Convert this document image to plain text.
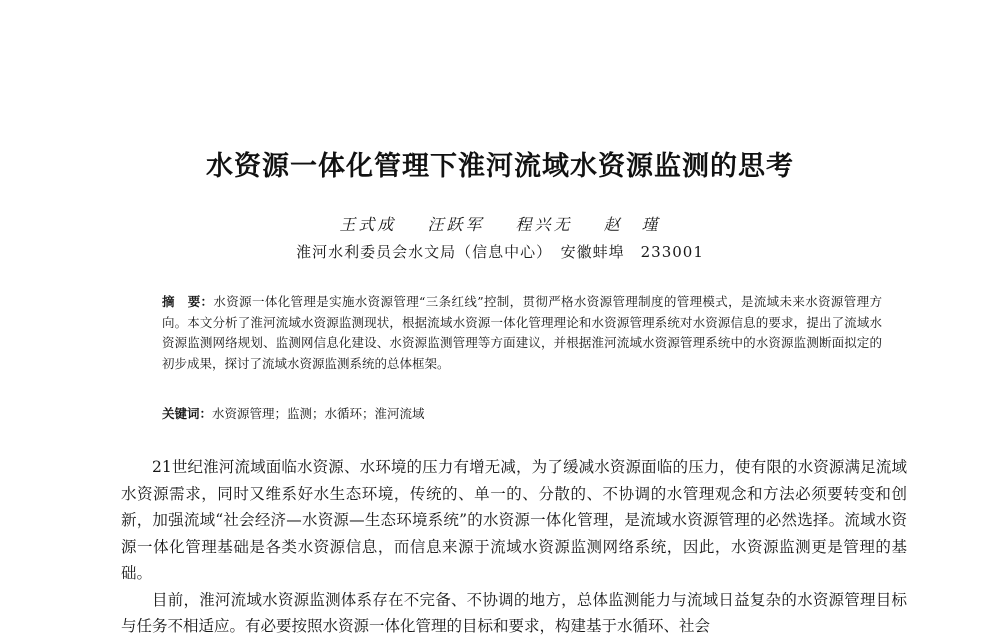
水资源一体化管理下淮河流域水资源监测的思考
王式成 汪跃军 程兴无 赵　瑾
淮河水利委员会水文局（信息中心）　安徽蚌埠　233001
摘　要：水资源一体化管理是实施水资源管理“三条红线”控制，贯彻严格水资源管理制度的管理模式，是流域未来水资源管理方向。本文分析了淮河流域水资源监测现状，根据流域水资源一体化管理理论和水资源管理系统对水资源信息的要求，提出了流域水资源监测网络规划、监测网信息化建设、水资源监测管理等方面建议，并根据淮河流域水资源管理系统中的水资源监测断面拟定的初步成果，探讨了流域水资源监测系统的总体框架。
关键词：水资源管理；监测；水循环；淮河流域

21世纪淮河流域面临水资源、水环境的压力有增无减，为了缓减水资源面临的压力，使有限的水资源满足流域水资源需求，同时又维系好水生态环境，传统的、单一的、分散的、不协调的水管理观念和方法必须要转变和创新，加强流域“社会经济—水资源—生态环境系统”的水资源一体化管理，是流域水资源管理的必然选择。流域水资源一体化管理基础是各类水资源信息，而信息来源于流域水资源监测网络系统，因此，水资源监测更是管理的基础。

目前，淮河流域水资源监测体系存在不完备、不协调的地方，总体监测能力与流域日益复杂的水资源管理目标与任务不相适应。有必要按照水资源一体化管理的目标和要求，构建基于水循环、社会
